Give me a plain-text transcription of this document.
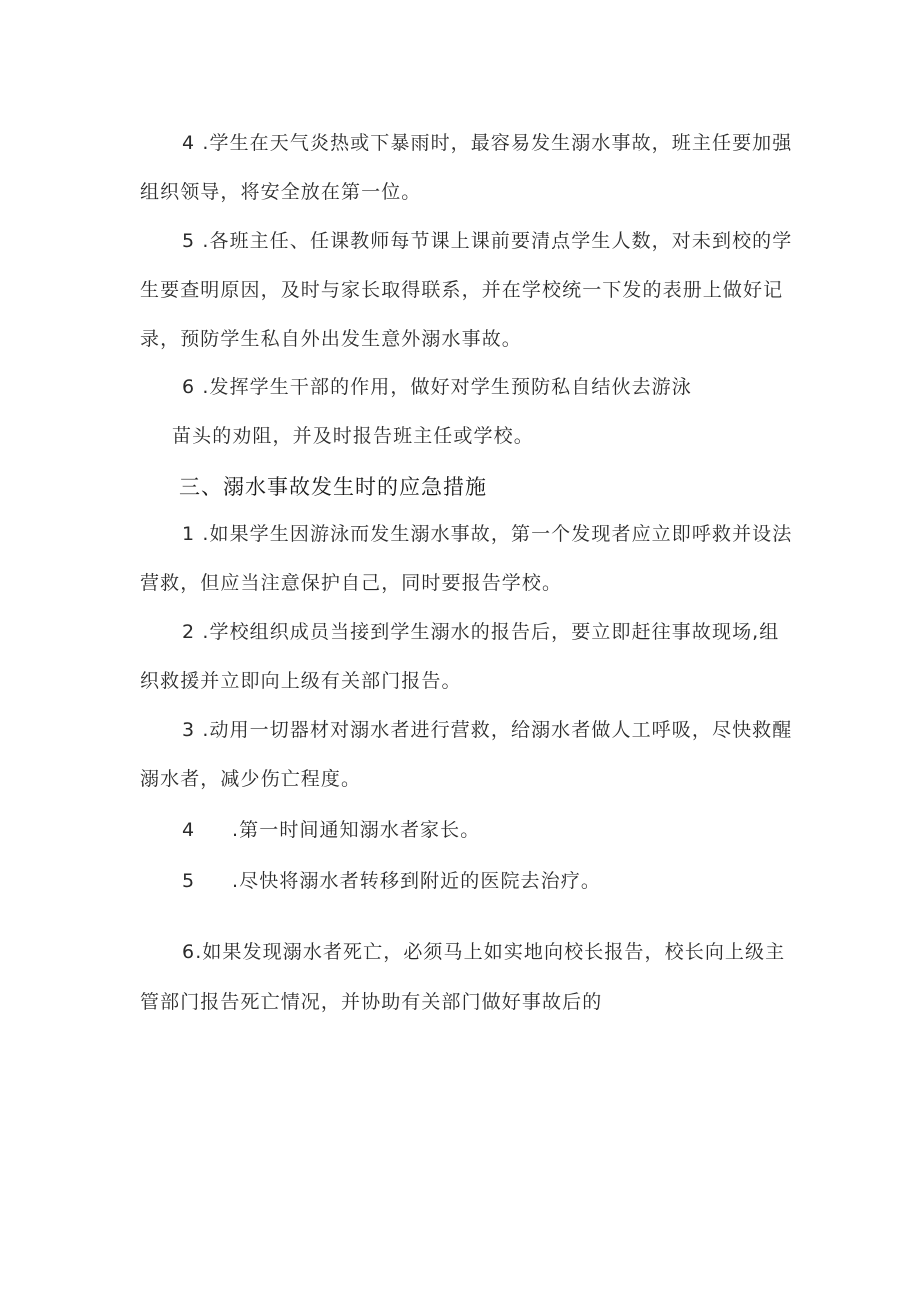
4 .学生在天气炎热或下暴雨时，最容易发生溺水事故，班主任要加强
组织领导，将安全放在第一位。
5 .各班主任、任课教师每节课上课前要清点学生人数，对未到校的学
生要查明原因，及时与家长取得联系，并在学校统一下发的表册上做好记
录，预防学生私自外出发生意外溺水事故。
6 .发挥学生干部的作用，做好对学生预防私自结伙去游泳
苗头的劝阻，并及时报告班主任或学校。
三、溺水事故发生时的应急措施
1 .如果学生因游泳而发生溺水事故，第一个发现者应立即呼救并设法
营救，但应当注意保护自己，同时要报告学校。
2 .学校组织成员当接到学生溺水的报告后，要立即赶往事故现场,组
织救援并立即向上级有关部门报告。
3 .动用一切器材对溺水者进行营救，给溺水者做人工呼吸，尽快救醒
溺水者，减少伤亡程度。
4 .第一时间通知溺水者家长。
5 .尽快将溺水者转移到附近的医院去治疗。
6.如果发现溺水者死亡，必须马上如实地向校长报告，校长向上级主
管部门报告死亡情况，并协助有关部门做好事故后的
